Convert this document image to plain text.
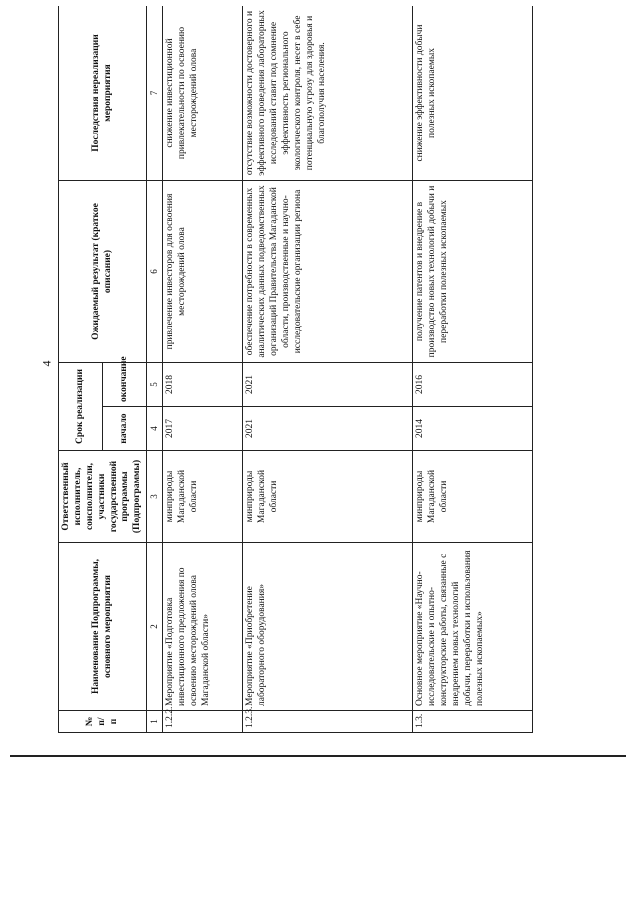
4
№ п/п	Наименование Подпрограммы, основного мероприятия	Ответственный исполнитель, соисполнители, участники государственной программы (Подпрограммы)	Срок реализации		Ожидаемый результат (краткое описание)	Последствия нереализации мероприятия
			начало	окончание		
1	2	3	4	5	6	7
1.2.2.	Мероприятие «Подготовка инвестиционного предложения по освоению месторождений олова Магаданской области»	минприроды Магаданской области	2017	2018	привлечение инвесторов для освоения месторождений олова	снижение инвестиционной привлекательности по освоению месторождений олова
1.2.3.	Мероприятие «Приобретение лабораторного оборудования»	минприроды Магаданской области	2021	2021	обеспечение потребности в современных аналитических данных подведомственных организаций Правительства Магаданской области, производственные и научно-исследовательские организации региона	отсутствие возможности достоверного и эффективного проведения лабораторных исследований ставит под сомнение эффективность регионального экологического контроля, несет в себе потенциальную угрозу для здоровья и благополучия населения.
1.3.	Основное мероприятие «Научно-исследовательские и опытно-конструкторские работы, связанные с внедрением новых технологий добычи, переработки и использования полезных ископаемых»	минприроды Магаданской области	2014	2016	получение патентов и внедрение в производство новых технологий добычи и переработки полезных ископаемых	снижение эффективности добычи полезных ископаемых
